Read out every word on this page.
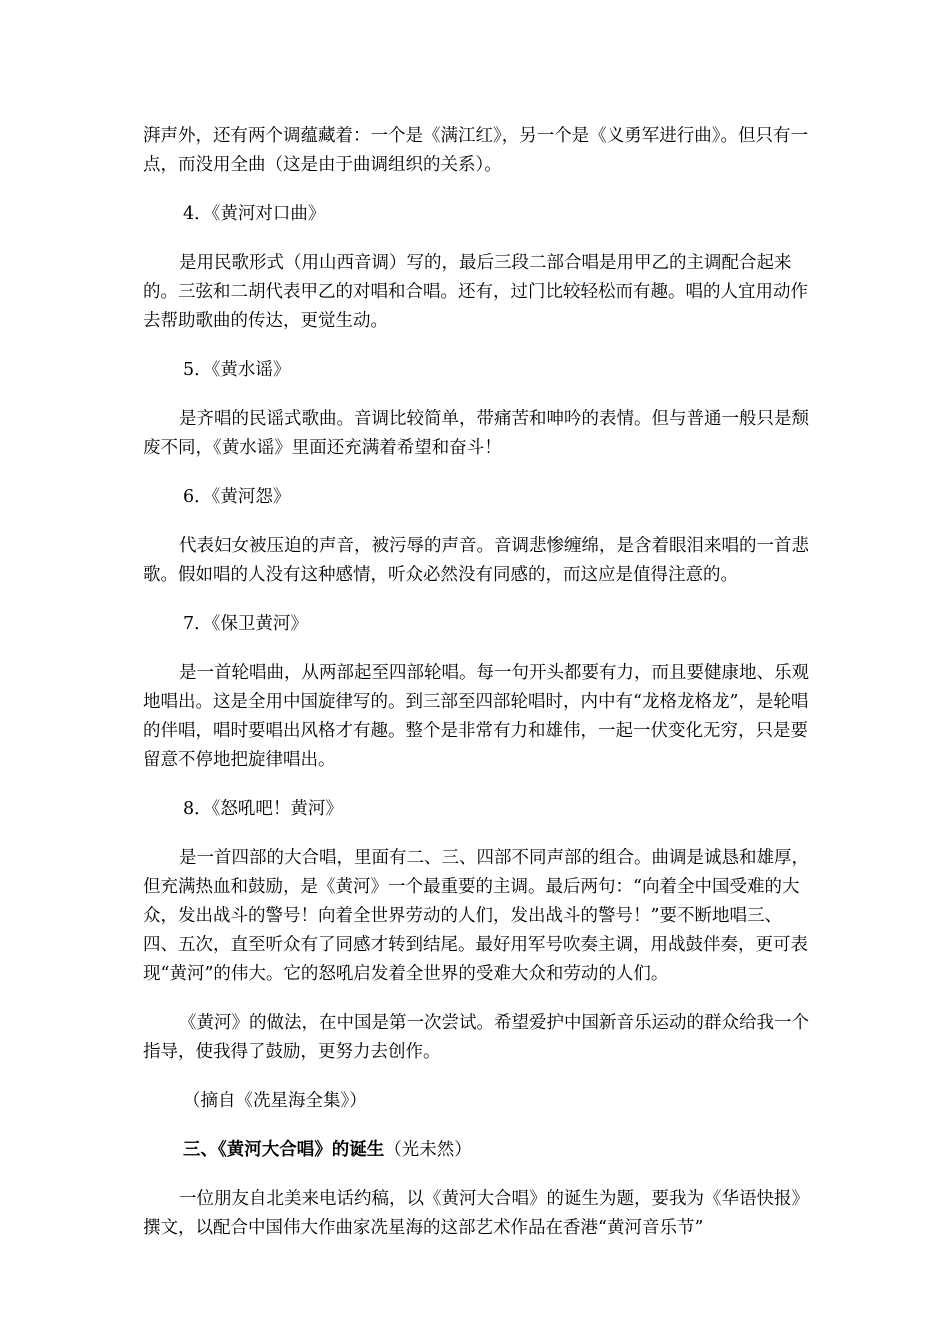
湃声外，还有两个调蕴藏着：一个是《满江红》，另一个是《义勇军进行曲》。但只有一点，而没用全曲（这是由于曲调组织的关系）。

4．《黄河对口曲》

是用民歌形式（用山西音调）写的，最后三段二部合唱是用甲乙的主调配合起来的。三弦和二胡代表甲乙的对唱和合唱。还有，过门比较轻松而有趣。唱的人宜用动作去帮助歌曲的传达，更觉生动。

5．《黄水谣》

是齐唱的民谣式歌曲。音调比较简单，带痛苦和呻吟的表情。但与普通一般只是颓废不同，《黄水谣》里面还充满着希望和奋斗！

6．《黄河怨》

代表妇女被压迫的声音，被污辱的声音。音调悲惨缠绵，是含着眼泪来唱的一首悲歌。假如唱的人没有这种感情，听众必然没有同感的，而这应是值得注意的。

7．《保卫黄河》

是一首轮唱曲，从两部起至四部轮唱。每一句开头都要有力，而且要健康地、乐观地唱出。这是全用中国旋律写的。到三部至四部轮唱时，内中有“龙格龙格龙”，是轮唱的伴唱，唱时要唱出风格才有趣。整个是非常有力和雄伟，一起一伏变化无穷，只是要留意不停地把旋律唱出。

8．《怒吼吧！黄河》

是一首四部的大合唱，里面有二、三、四部不同声部的组合。曲调是诚恳和雄厚，但充满热血和鼓励，是《黄河》一个最重要的主调。最后两句：“向着全中国受难的大众，发出战斗的警号！向着全世界劳动的人们，发出战斗的警号！”要不断地唱三、四、五次，直至听众有了同感才转到结尾。最好用军号吹奏主调，用战鼓伴奏，更可表现“黄河”的伟大。它的怒吼启发着全世界的受难大众和劳动的人们。

《黄河》的做法，在中国是第一次尝试。希望爱护中国新音乐运动的群众给我一个指导，使我得了鼓励，更努力去创作。

（摘自《冼星海全集》）

三、《黄河大合唱》的诞生（光未然）

一位朋友自北美来电话约稿，以《黄河大合唱》的诞生为题，要我为《华语快报》撰文，以配合中国伟大作曲家冼星海的这部艺术作品在香港“黄河音乐节”
